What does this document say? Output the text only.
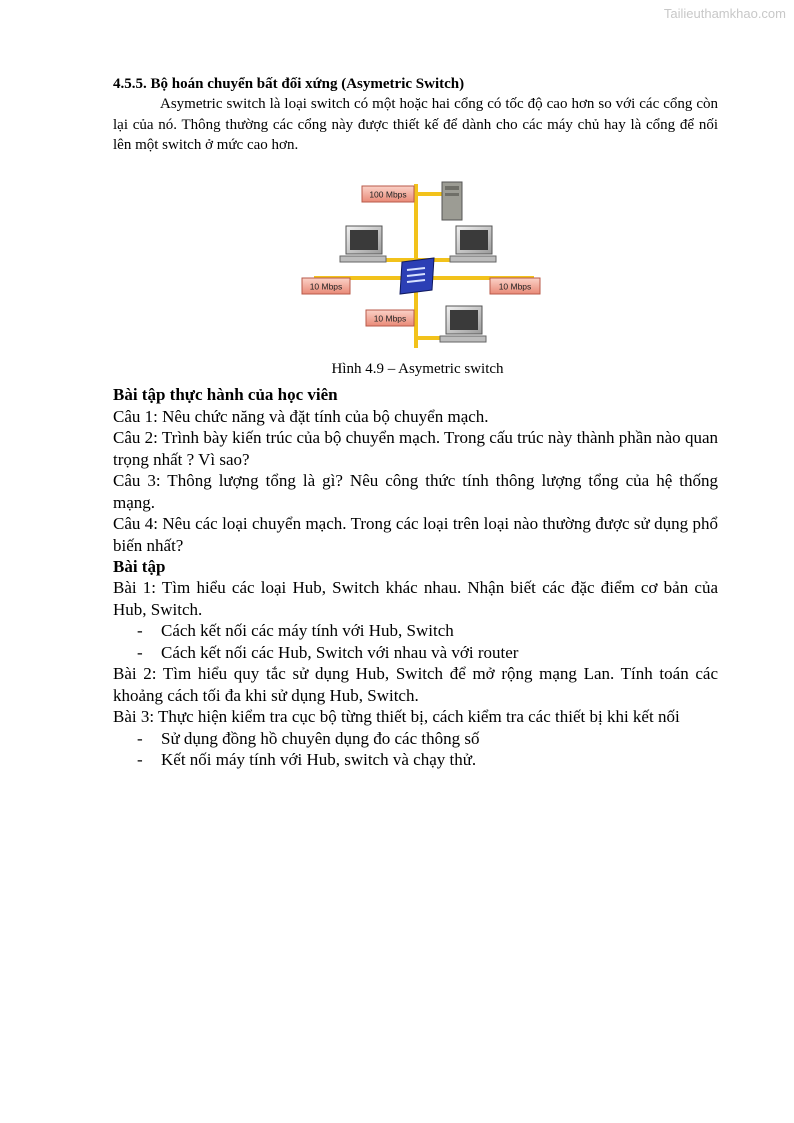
Tailieuthamkhao.com

4.5.5. Bộ hoán chuyển bất đối xứng (Asymetric Switch)

Asymetric switch là loại switch có một hoặc hai cổng có tốc độ cao hơn so với các cổng còn lại của nó. Thông thường các cổng này được thiết kế để dành cho các máy chủ hay là cổng để nối lên một switch ở mức cao hơn.

100 Mbps
10 Mbps	10 Mbps
10 Mbps

Hình 4.9 – Asymetric switch

Bài tập thực hành của học viên

Câu 1: Nêu chức năng và đặt tính của bộ chuyển mạch.

Câu 2: Trình bày kiến trúc của bộ chuyển mạch. Trong cấu trúc này thành phần nào quan trọng nhất ? Vì sao?

Câu 3: Thông lượng tổng là gì? Nêu công thức tính thông lượng tổng của hệ thống mạng.

Câu 4: Nêu các loại chuyển mạch. Trong các loại trên loại nào thường được sử dụng phổ biến nhất?

Bài tập

Bài 1: Tìm hiểu các loại Hub, Switch khác nhau. Nhận biết các đặc điểm cơ bản của Hub, Switch.

- Cách kết nối các máy tính với Hub, Switch
- Cách kết nối các Hub, Switch với nhau và với router

Bài 2: Tìm hiểu quy tắc sử dụng Hub, Switch để mở rộng mạng Lan. Tính toán các khoảng cách tối đa khi sử dụng Hub, Switch.

Bài 3: Thực hiện kiểm tra cục bộ từng thiết bị, cách kiểm tra các thiết bị khi kết nối

- Sử dụng đồng hồ chuyên dụng đo các thông số
- Kết nối máy tính với Hub, switch và chạy thử.
